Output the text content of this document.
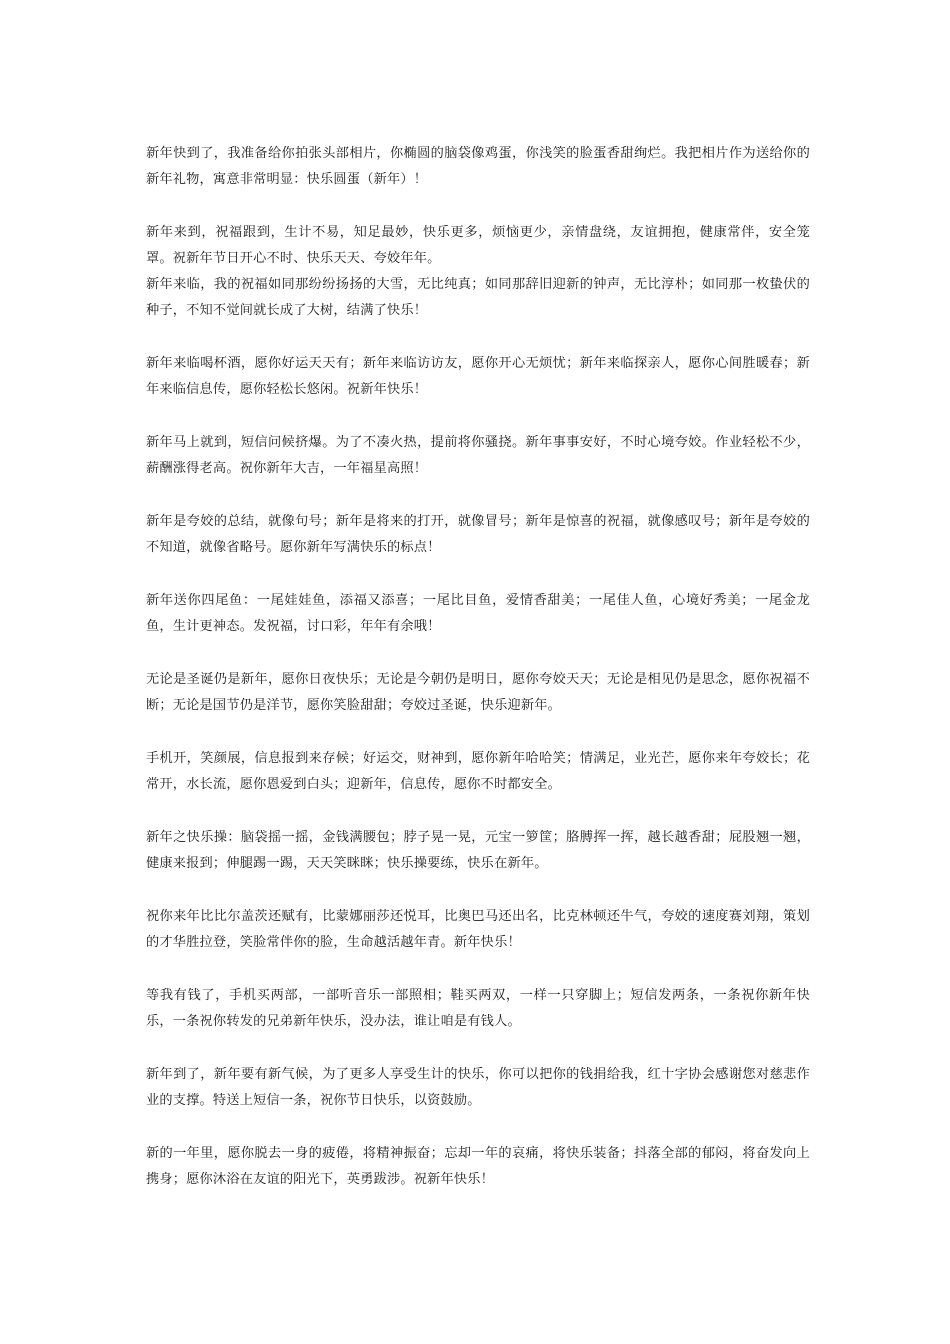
新年快到了，我准备给你拍张头部相片，你椭圆的脑袋像鸡蛋，你浅笑的脸蛋香甜绚烂。我把相片作为送给你的新年礼物，寓意非常明显：快乐圆蛋（新年）！

新年来到，祝福跟到，生计不易，知足最妙，快乐更多，烦恼更少，亲情盘绕，友谊拥抱，健康常伴，安全笼罩。祝新年节日开心不时、快乐天天、夸姣年年。

新年来临，我的祝福如同那纷纷扬扬的大雪，无比纯真；如同那辞旧迎新的钟声，无比淳朴；如同那一枚蛰伏的种子，不知不觉间就长成了大树，结满了快乐！

新年来临喝杯酒，愿你好运天天有；新年来临访访友，愿你开心无烦忧；新年来临探亲人，愿你心间胜暖春；新年来临信息传，愿你轻松长悠闲。祝新年快乐！

新年马上就到，短信问候挤爆。为了不凑火热，提前将你骚挠。新年事事安好，不时心境夸姣。作业轻松不少，薪酬涨得老高。祝你新年大吉，一年福星高照！

新年是夸姣的总结，就像句号；新年是将来的打开，就像冒号；新年是惊喜的祝福，就像感叹号；新年是夸姣的不知道，就像省略号。愿你新年写满快乐的标点！

新年送你四尾鱼：一尾娃娃鱼，添福又添喜；一尾比目鱼，爱情香甜美；一尾佳人鱼，心境好秀美；一尾金龙鱼，生计更神态。发祝福，讨口彩，年年有余哦！

无论是圣诞仍是新年，愿你日夜快乐；无论是今朝仍是明日，愿你夸姣天天；无论是相见仍是思念，愿你祝福不断；无论是国节仍是洋节，愿你笑脸甜甜；夸姣过圣诞，快乐迎新年。

手机开，笑颜展，信息报到来存候；好运交，财神到，愿你新年哈哈笑；情满足，业光芒，愿你来年夸姣长；花常开，水长流，愿你恩爱到白头；迎新年，信息传，愿你不时都安全。

新年之快乐操：脑袋摇一摇，金钱满腰包；脖子晃一晃，元宝一箩筐；胳膊挥一挥，越长越香甜；屁股翘一翘，健康来报到；伸腿踢一踢，天天笑眯眯；快乐操要练，快乐在新年。

祝你来年比比尔盖茨还赋有，比蒙娜丽莎还悦耳，比奥巴马还出名，比克林顿还牛气，夸姣的速度赛刘翔，策划的才华胜拉登，笑脸常伴你的脸，生命越活越年青。新年快乐！

等我有钱了，手机买两部，一部听音乐一部照相；鞋买两双，一样一只穿脚上；短信发两条，一条祝你新年快乐，一条祝你转发的兄弟新年快乐，没办法，谁让咱是有钱人。

新年到了，新年要有新气候，为了更多人享受生计的快乐，你可以把你的钱捐给我，红十字协会感谢您对慈悲作业的支撑。特送上短信一条，祝你节日快乐，以资鼓励。

新的一年里，愿你脱去一身的疲倦，将精神振奋；忘却一年的哀痛，将快乐装备；抖落全部的郁闷，将奋发向上携身；愿你沐浴在友谊的阳光下，英勇跋涉。祝新年快乐！
